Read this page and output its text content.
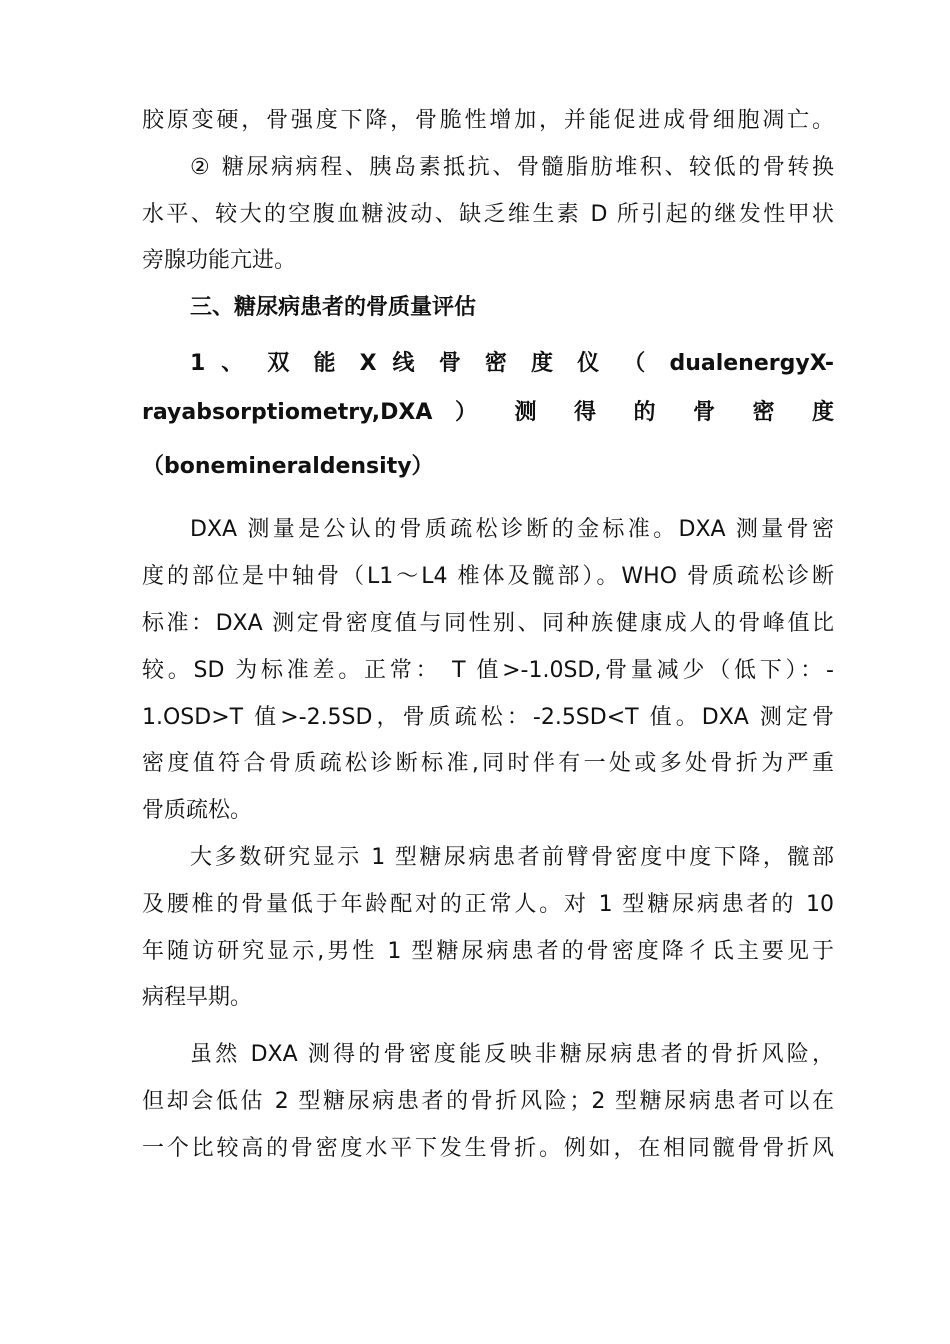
胶原变硬，骨强度下降，骨脆性增加，并能促进成骨细胞凋亡。
② 糖尿病病程、胰岛素抵抗、骨髓脂肪堆积、较低的骨转换
水平、较大的空腹血糖波动、缺乏维生素 D 所引起的继发性甲状
旁腺功能亢进。
三、糖尿病患者的骨质量评估
1 、 双 能 X 线 骨 密 度 仪 （ dualenergyX-
rayabsorptiometry,DXA ） 测 得 的 骨 密 度
（bonemineraldensity）
DXA 测量是公认的骨质疏松诊断的金标准。DXA 测量骨密
度的部位是中轴骨（L1～L4 椎体及髋部）。WHO 骨质疏松诊断
标准：DXA 测定骨密度值与同性别、同种族健康成人的骨峰值比
较。SD 为标准差。正常： T 值>-1.0SD,骨量减少（低下）：-
1.OSD>T 值>-2.5SD，骨质疏松：-2.5SD<T 值。DXA 测定骨
密度值符合骨质疏松诊断标准,同时伴有一处或多处骨折为严重
骨质疏松。
大多数研究显示 1 型糖尿病患者前臂骨密度中度下降，髋部
及腰椎的骨量低于年龄配对的正常人。对 1 型糖尿病患者的 10
年随访研究显示,男性 1 型糖尿病患者的骨密度降彳氐主要见于
病程早期。
虽然 DXA 测得的骨密度能反映非糖尿病患者的骨折风险，
但却会低估 2 型糖尿病患者的骨折风险；2 型糖尿病患者可以在
一个比较高的骨密度水平下发生骨折。例如，在相同髋骨骨折风
